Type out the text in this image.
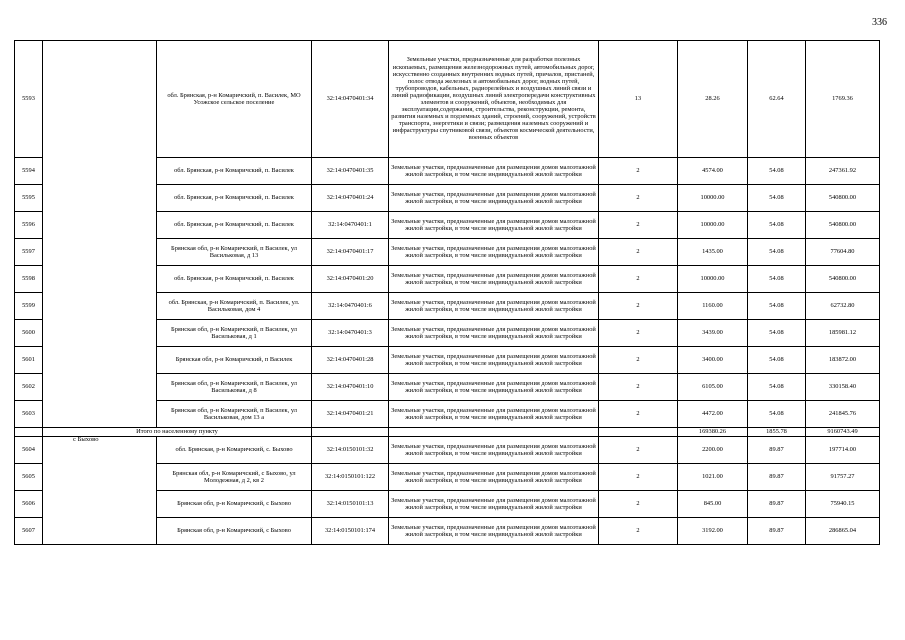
336
5593		обл. Брянская, р-н Комаричский, п. Василек, МО Усожское сельское поселение	32:14:0470401:34	Земельные участки, предназначенные для разработки полезных ископаемых, размещения железнодорожных путей, автомобильных дорог, искусственно созданных внутренних водных путей, причалов, пристаней, полос отвода железных и автомобильных дорог, водных путей, трубопроводов, кабельных, радиорелейных и воздушных линий связи и линий радиофикации, воздушных линий электропередачи конструктивных элементов и сооружений, объектов, необходимых для эксплуатации,содержания, строительства, реконструкции, ремонта, развития наземных и подземных зданий, строений, сооружений, устройств транспорта, энергетики и связи; размещения наземных сооружений и инфраструктуры спутниковой связи, объектов космической деятельности, военных объектов	13	28.26	62.64	1769.36
5594		обл. Брянская, р-н Комаричский, п. Василек	32:14:0470401:35	Земельные участки, предназначенные для размещения домов малоэтажной жилой застройки, в том числе индивидуальной жилой застройки	2	4574.00	54.08	247361.92
5595		обл. Брянская, р-н Комаричский, п. Василек	32:14:0470401:24	Земельные участки, предназначенные для размещения домов малоэтажной жилой застройки, в том числе индивидуальной жилой застройки	2	10000.00	54.08	540800.00
5596		обл. Брянская, р-н Комаричский, п. Василек	32:14:0470401:1	Земельные участки, предназначенные для размещения домов малоэтажной жилой застройки, в том числе индивидуальной жилой застройки	2	10000.00	54.08	540800.00
5597		Брянская обл, р-н Комаричский, п Василек, ул Васильковая, д 13	32:14:0470401:17	Земельные участки, предназначенные для размещения домов малоэтажной жилой застройки, в том числе индивидуальной жилой застройки	2	1435.00	54.08	77604.80
5598		обл. Брянская, р-н Комаричский, п. Василек	32:14:0470401:20	Земельные участки, предназначенные для размещения домов малоэтажной жилой застройки, в том числе индивидуальной жилой застройки	2	10000.00	54.08	540800.00
5599		обл. Брянская, р-н Комаричский, п. Василек, ул. Васильковая, дом 4	32:14:0470401:6	Земельные участки, предназначенные для размещения домов малоэтажной жилой застройки, в том числе индивидуальной жилой застройки	2	1160.00	54.08	62732.80
5600		Брянская обл, р-н Комаричский, п Василек, ул Васильковая, д 1	32:14:0470401:3	Земельные участки, предназначенные для размещения домов малоэтажной жилой застройки, в том числе индивидуальной жилой застройки	2	3439.00	54.08	185981.12
5601		Брянская обл, р-н Комаричский, п Василек	32:14:0470401:28	Земельные участки, предназначенные для размещения домов малоэтажной жилой застройки, в том числе индивидуальной жилой застройки	2	3400.00	54.08	183872.00
5602		Брянская обл, р-н Комаричский, п Василек, ул Васильковая, д 8	32:14:0470401:10	Земельные участки, предназначенные для размещения домов малоэтажной жилой застройки, в том числе индивидуальной жилой застройки	2	6105.00	54.08	330158.40
5603		Брянская обл, р-н Комаричский, п Василек, ул Васильковая, дом 13 а	32:14:0470401:21	Земельные участки, предназначенные для размещения домов малоэтажной жилой застройки, в том числе индивидуальной жилой застройки	2	4472.00	54.08	241845.76
	Итого по населенному пункту					169380.26	1855.78	9160743.49
5604	с Быхово	обл. Брянская, р-н Комаричский, с. Быхово	32:14:0150101:32	Земельные участки, предназначенные для размещения домов малоэтажной жилой застройки, в том числе индивидуальной жилой застройки	2	2200.00	89.87	197714.00
5605		Брянская обл, р-н Комаричский, с Быхово, ул Молодежная, д 2, кв 2	32:14:0150101:122	Земельные участки, предназначенные для размещения домов малоэтажной жилой застройки, в том числе индивидуальной жилой застройки	2	1021.00	89.87	91757.27
5606		Брянская обл, р-н Комаричский, с Быхово	32:14:0150101:13	Земельные участки, предназначенные для размещения домов малоэтажной жилой застройки, в том числе индивидуальной жилой застройки	2	845.00	89.87	75940.15
5607		Брянская обл, р-н Комаричский, с Быхово	32:14:0150101:174	Земельные участки, предназначенные для размещения домов малоэтажной жилой застройки, в том числе индивидуальной жилой застройки	2	3192.00	89.87	286865.04
